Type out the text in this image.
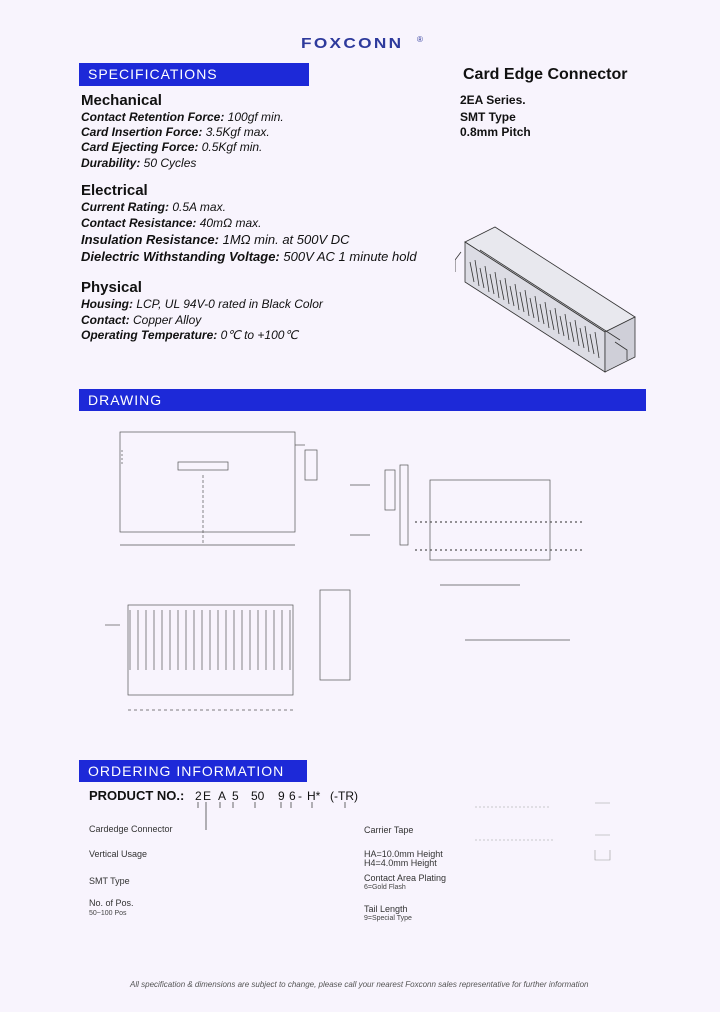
FOXCONN ®
SPECIFICATIONS	Card Edge Connector
2EA Series.
SMT Type
0.8mm Pitch
Mechanical
Contact Retention Force: 100gf min.
Card Insertion Force: 3.5Kgf max.
Card Ejecting Force: 0.5Kgf min.
Durability: 50 Cycles
Electrical
Current Rating: 0.5A max.
Contact Resistance: 40mΩ max.
Insulation Resistance: 1MΩ min. at 500V DC
Dielectric Withstanding Voltage: 500V AC 1 minute hold
Physical
Housing: LCP, UL 94V-0 rated in Black Color
Contact: Copper Alloy
Operating Temperature: 0℃ to +100℃
DRAWING
ORDERING INFORMATION
PRODUCT NO.: 2 E A 5 50 9 6 - H* (-TR)
Cardedge Connector
Vertical Usage
SMT Type
No. of Pos.
50~100 Pos
Carrier Tape
HA=10.0mm Height
H4=4.0mm Height
Contact Area Plating
6=Gold Flash
Tail Length
9=Special Type
All specification & dimensions are subject to change, please call your nearest Foxconn sales representative for further information
